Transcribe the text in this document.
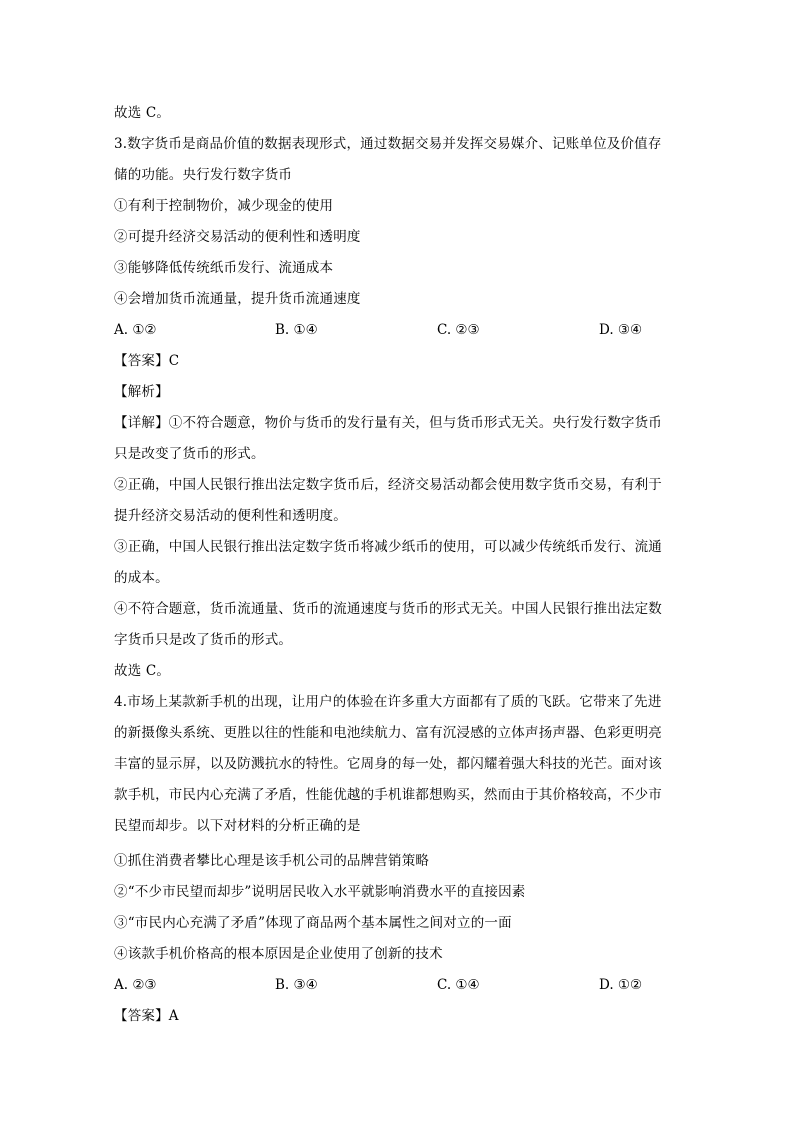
故选 C。
3.数字货币是商品价值的数据表现形式，通过数据交易并发挥交易媒介、记账单位及价值存
储的功能。央行发行数字货币
①有利于控制物价，减少现金的使用
②可提升经济交易活动的便利性和透明度
③能够降低传统纸币发行、流通成本
④会增加货币流通量，提升货币流通速度
A. ①②	B. ①④	C. ②③	D. ③④
【答案】C
【解析】
【详解】①不符合题意，物价与货币的发行量有关，但与货币形式无关。央行发行数字货币
只是改变了货币的形式。
②正确，中国人民银行推出法定数字货币后，经济交易活动都会使用数字货币交易，有利于
提升经济交易活动的便利性和透明度。
③正确，中国人民银行推出法定数字货币将减少纸币的使用，可以减少传统纸币发行、流通
的成本。
④不符合题意，货币流通量、货币的流通速度与货币的形式无关。中国人民银行推出法定数
字货币只是改了货币的形式。
故选 C。
4.市场上某款新手机的出现，让用户的体验在许多重大方面都有了质的飞跃。它带来了先进
的新摄像头系统、更胜以往的性能和电池续航力、富有沉浸感的立体声扬声器、色彩更明亮
丰富的显示屏，以及防溅抗水的特性。它周身的每一处，都闪耀着强大科技的光芒。面对该
款手机，市民内心充满了矛盾，性能优越的手机谁都想购买，然而由于其价格较高，不少市
民望而却步。以下对材料的分析正确的是
①抓住消费者攀比心理是该手机公司的品牌营销策略
②“不少市民望而却步”说明居民收入水平就影响消费水平的直接因素
③“市民内心充满了矛盾”体现了商品两个基本属性之间对立的一面
④该款手机价格高的根本原因是企业使用了创新的技术
A. ②③	B. ③④	C. ①④	D. ①②
【答案】A
